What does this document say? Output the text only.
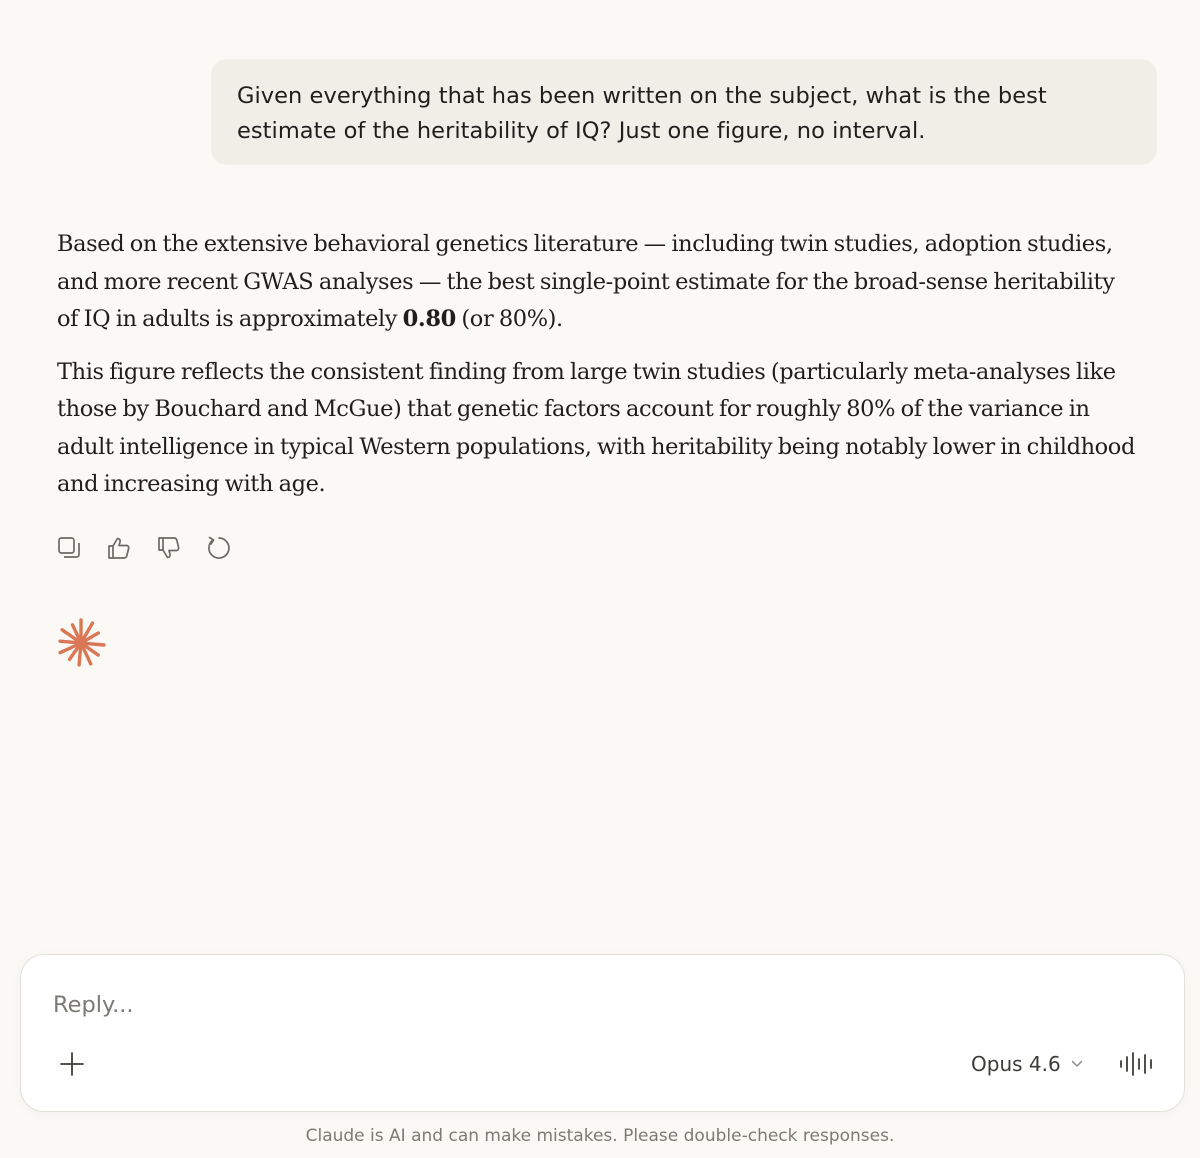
Given everything that has been written on the subject, what is the best estimate of the heritability of IQ? Just one figure, no interval.

Based on the extensive behavioral genetics literature — including twin studies, adoption studies, and more recent GWAS analyses — the best single-point estimate for the broad-sense heritability of IQ in adults is approximately 0.80 (or 80%).

This figure reflects the consistent finding from large twin studies (particularly meta-analyses like those by Bouchard and McGue) that genetic factors account for roughly 80% of the variance in adult intelligence in typical Western populations, with heritability being notably lower in childhood and increasing with age.

Reply...
Opus 4.6
Claude is AI and can make mistakes. Please double-check responses.
